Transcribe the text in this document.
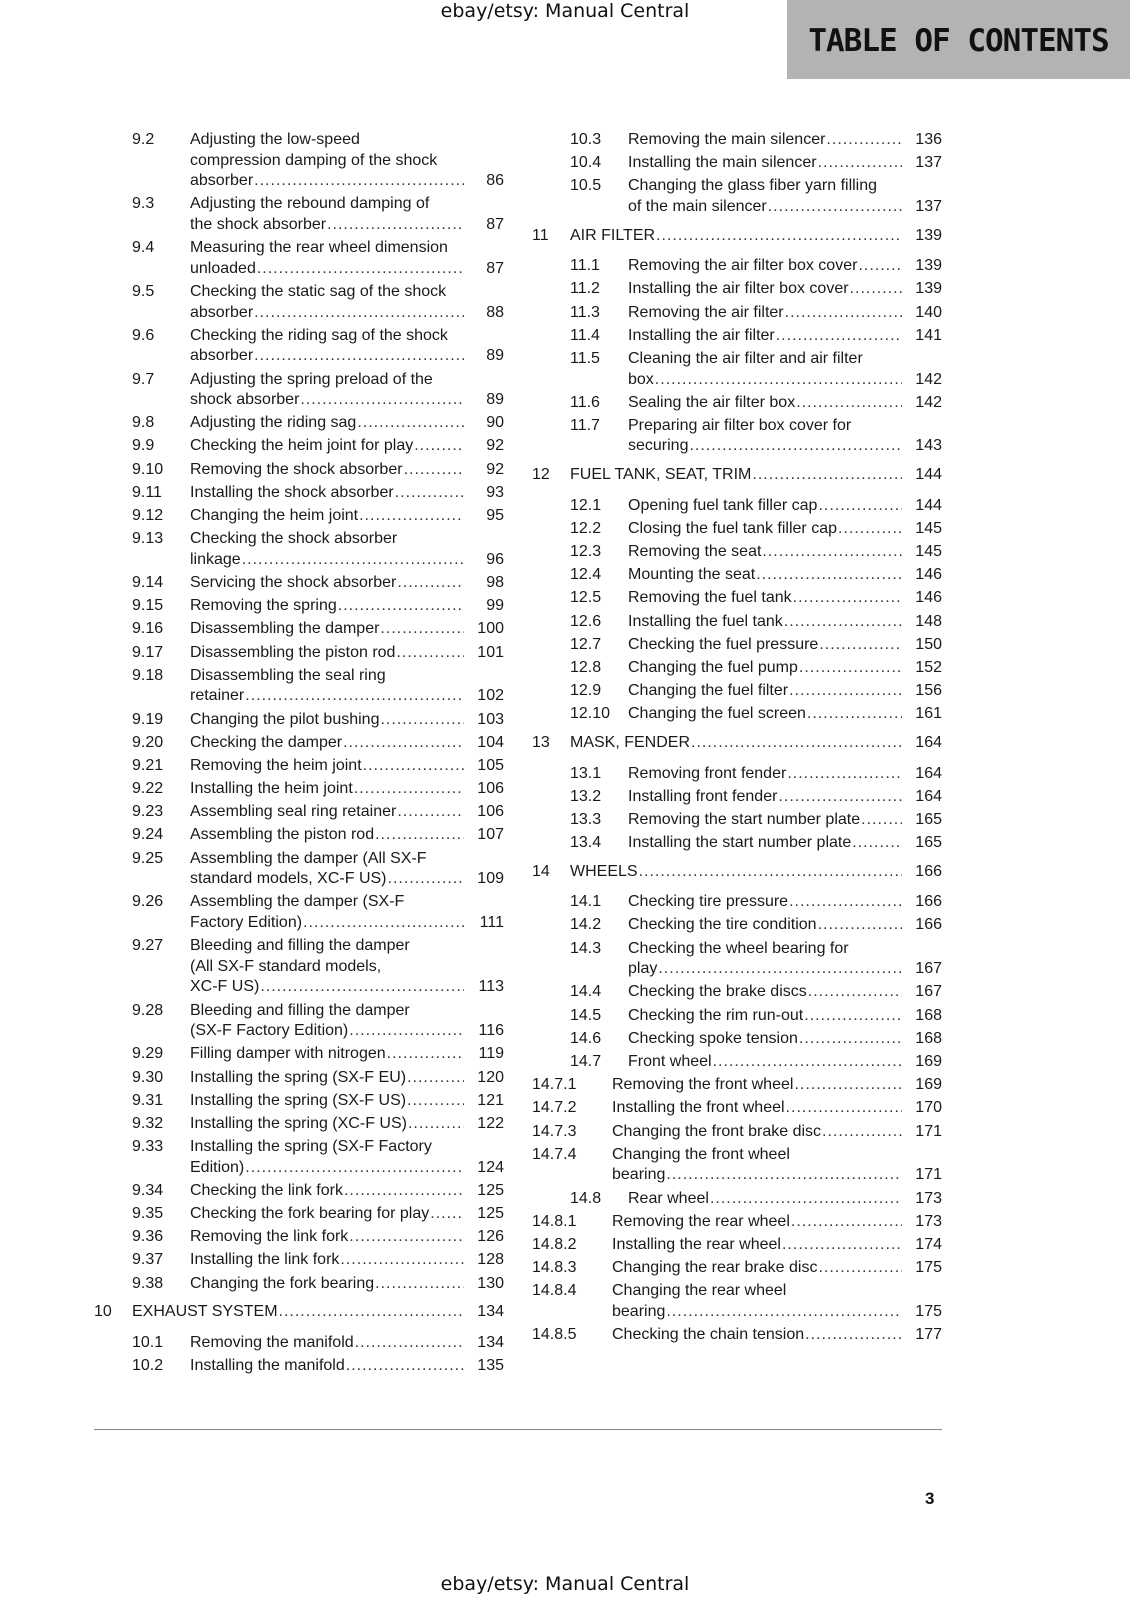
ebay/etsy: Manual Central
TABLE OF CONTENTS
9.2	Adjusting the low-speed
compression damping of the shock
absorber .....	86
9.3	Adjusting the rebound damping of
the shock absorber .....	87
9.4	Measuring the rear wheel dimension
unloaded .....	87
9.5	Checking the static sag of the shock
absorber .....	88
9.6	Checking the riding sag of the shock
absorber .....	89
9.7	Adjusting the spring preload of the
shock absorber .....	89
9.8	Adjusting the riding sag .....	90
9.9	Checking the heim joint for play .....	92
9.10	Removing the shock absorber .....	92
9.11	Installing the shock absorber .....	93
9.12	Changing the heim joint .....	95
9.13	Checking the shock absorber
linkage .....	96
9.14	Servicing the shock absorber .....	98
9.15	Removing the spring .....	99
9.16	Disassembling the damper .....	100
9.17	Disassembling the piston rod .....	101
9.18	Disassembling the seal ring
retainer .....	102
9.19	Changing the pilot bushing .....	103
9.20	Checking the damper .....	104
9.21	Removing the heim joint .....	105
9.22	Installing the heim joint .....	106
9.23	Assembling seal ring retainer .....	106
9.24	Assembling the piston rod .....	107
9.25	Assembling the damper (All SX-F
standard models, XC-F US) .....	109
9.26	Assembling the damper (SX-F
Factory Edition) .....	111
9.27	Bleeding and filling the damper
(All SX-F standard models,
XC-F US) .....	113
9.28	Bleeding and filling the damper
(SX-F Factory Edition) .....	116
9.29	Filling damper with nitrogen .....	119
9.30	Installing the spring (SX-F EU) .....	120
9.31	Installing the spring (SX-F US) .....	121
9.32	Installing the spring (XC-F US) .....	122
9.33	Installing the spring (SX-F Factory
Edition) .....	124
9.34	Checking the link fork .....	125
9.35	Checking the fork bearing for play .....	125
9.36	Removing the link fork .....	126
9.37	Installing the link fork .....	128
9.38	Changing the fork bearing .....	130
10	EXHAUST SYSTEM .....	134
10.1	Removing the manifold .....	134
10.2	Installing the manifold .....	135
10.3	Removing the main silencer .....	136
10.4	Installing the main silencer .....	137
10.5	Changing the glass fiber yarn filling
of the main silencer .....	137
11	AIR FILTER .....	139
11.1	Removing the air filter box cover .....	139
11.2	Installing the air filter box cover .....	139
11.3	Removing the air filter .....	140
11.4	Installing the air filter .....	141
11.5	Cleaning the air filter and air filter
box .....	142
11.6	Sealing the air filter box .....	142
11.7	Preparing air filter box cover for
securing .....	143
12	FUEL TANK, SEAT, TRIM .....	144
12.1	Opening fuel tank filler cap .....	144
12.2	Closing the fuel tank filler cap .....	145
12.3	Removing the seat .....	145
12.4	Mounting the seat .....	146
12.5	Removing the fuel tank .....	146
12.6	Installing the fuel tank .....	148
12.7	Checking the fuel pressure .....	150
12.8	Changing the fuel pump .....	152
12.9	Changing the fuel filter .....	156
12.10	Changing the fuel screen .....	161
13	MASK, FENDER .....	164
13.1	Removing front fender .....	164
13.2	Installing front fender .....	164
13.3	Removing the start number plate .....	165
13.4	Installing the start number plate .....	165
14	WHEELS .....	166
14.1	Checking tire pressure .....	166
14.2	Checking the tire condition .....	166
14.3	Checking the wheel bearing for
play .....	167
14.4	Checking the brake discs .....	167
14.5	Checking the rim run-out .....	168
14.6	Checking spoke tension .....	168
14.7	Front wheel .....	169
14.7.1	Removing the front wheel .....	169
14.7.2	Installing the front wheel .....	170
14.7.3	Changing the front brake disc .....	171
14.7.4	Changing the front wheel
bearing .....	171
14.8	Rear wheel .....	173
14.8.1	Removing the rear wheel .....	173
14.8.2	Installing the rear wheel .....	174
14.8.3	Changing the rear brake disc .....	175
14.8.4	Changing the rear wheel
bearing .....	175
14.8.5	Checking the chain tension .....	177
3
ebay/etsy: Manual Central
